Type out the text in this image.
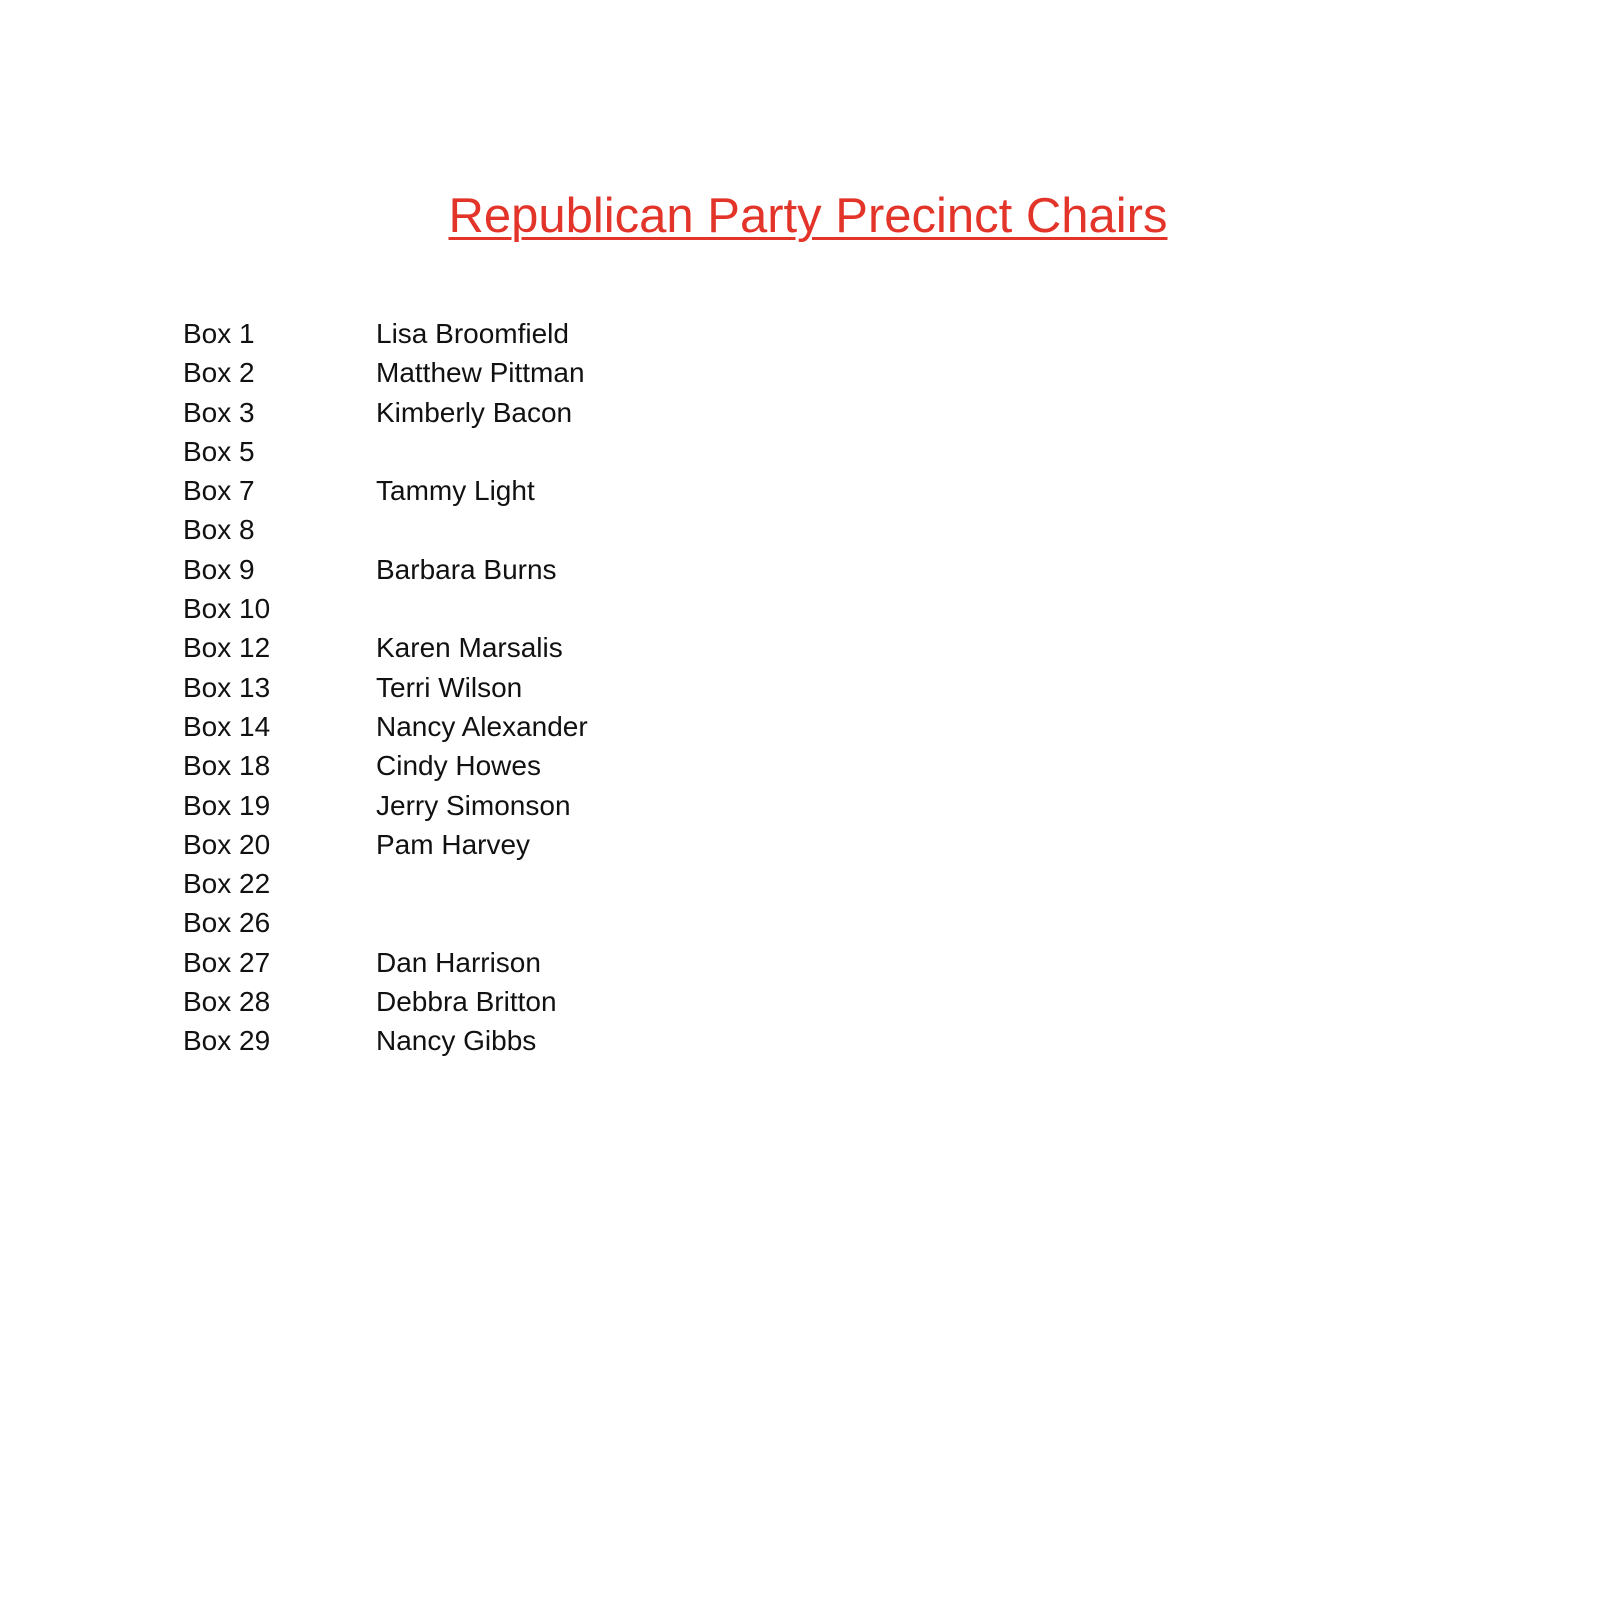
Republican Party Precinct Chairs
Box 1	Lisa Broomfield
Box 2	Matthew Pittman
Box 3	Kimberly Bacon
Box 5
Box 7	Tammy Light
Box 8
Box 9	Barbara Burns
Box 10
Box 12	Karen Marsalis
Box 13	Terri Wilson
Box 14	Nancy Alexander
Box 18	Cindy Howes
Box 19	Jerry Simonson
Box 20	Pam Harvey
Box 22
Box 26
Box 27	Dan Harrison
Box 28	Debbra Britton
Box 29	Nancy Gibbs
